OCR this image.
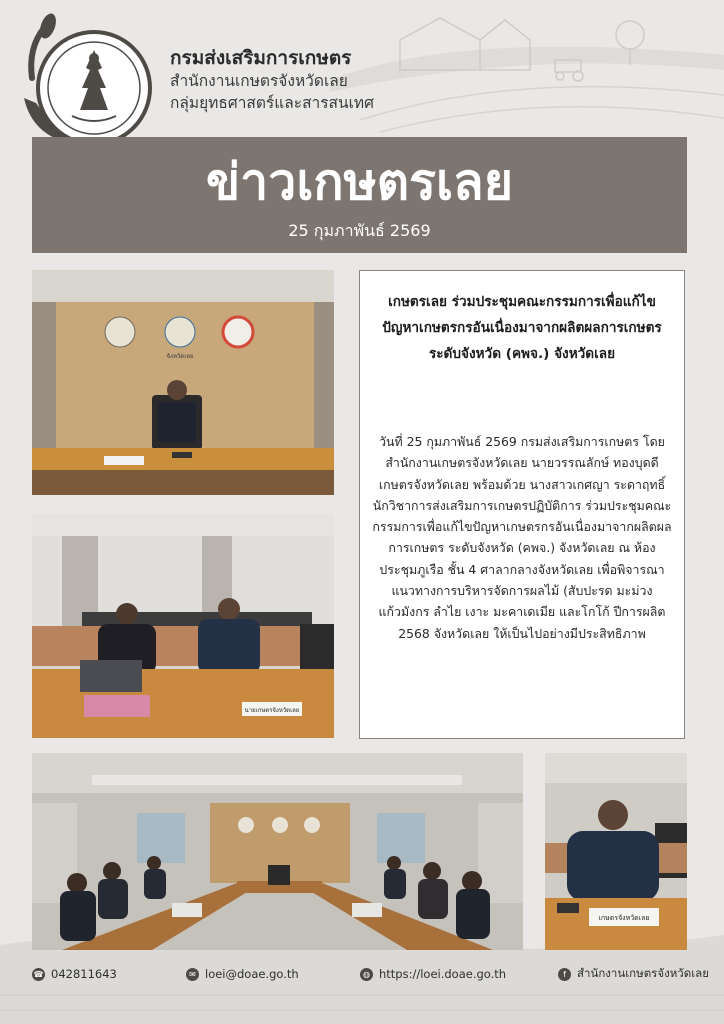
กรมส่งเสริมการเกษตร
สำนักงานเกษตรจังหวัดเลย
กลุ่มยุทธศาสตร์และสารสนเทศ
ข่าวเกษตรเลย
25 กุมภาพันธ์ 2569
จังหวัดเลย
นายเกษตรจังหวัดเลย
เกษตรเลย ร่วมประชุมคณะกรรมการเพื่อแก้ไขปัญหาเกษตรกรอันเนื่องมาจากผลิตผลการเกษตร ระดับจังหวัด (คพจ.) จังหวัดเลย
วันที่ 25 กุมภาพันธ์ 2569 กรมส่งเสริมการเกษตร โดยสำนักงานเกษตรจังหวัดเลย นายวรรณลักษ์ ทองบุดดี เกษตรจังหวัดเลย พร้อมด้วย นางสาวเกศญา ระดาฤทธิ์ นักวิชาการส่งเสริมการเกษตรปฏิบัติการ ร่วมประชุมคณะกรรมการเพื่อแก้ไขปัญหาเกษตรกรอันเนื่องมาจากผลิตผลการเกษตร ระดับจังหวัด (คพจ.) จังหวัดเลย ณ ห้องประชุมภูเรือ ชั้น 4 ศาลากลางจังหวัดเลย เพื่อพิจารณาแนวทางการบริหารจัดการผลไม้ (สับปะรด มะม่วง แก้วมังกร ลำไย เงาะ มะคาเดเมีย และโกโก้ ปีการผลิต 2568 จังหวัดเลย ให้เป็นไปอย่างมีประสิทธิภาพ
เกษตรจังหวัดเลย
☎ 042811643	✉ loei@doae.go.th	◍ https://loei.doae.go.th	f สำนักงานเกษตรจังหวัดเลย
